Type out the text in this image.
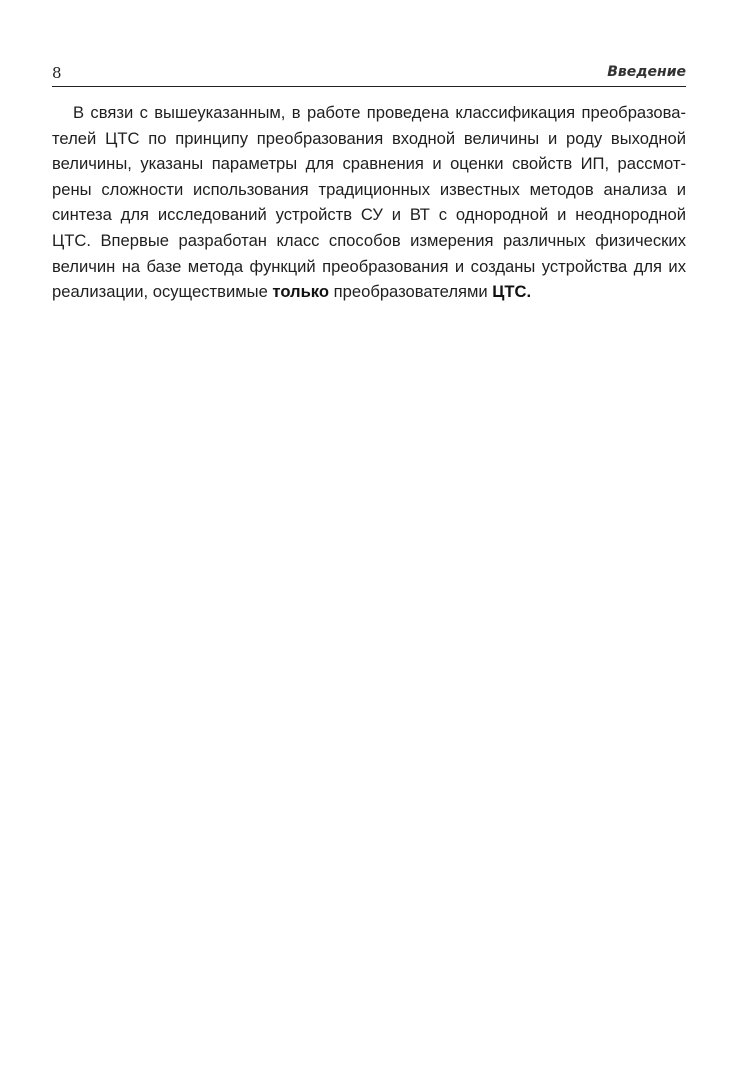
8	Введение
В связи с вышеуказанным, в работе проведена классификация преобразова-
телей ЦТС по принципу преобразования входной величины и роду выходной
величины, указаны параметры для сравнения и оценки свойств ИП, рассмот-
рены сложности использования традиционных известных методов анализа и
синтеза для исследований устройств СУ и ВТ с однородной и неоднородной
ЦТС. Впервые разработан класс способов измерения различных физических
величин на базе метода функций преобразования и созданы устройства для их
реализации, осуществимые только преобразователями ЦТС.
